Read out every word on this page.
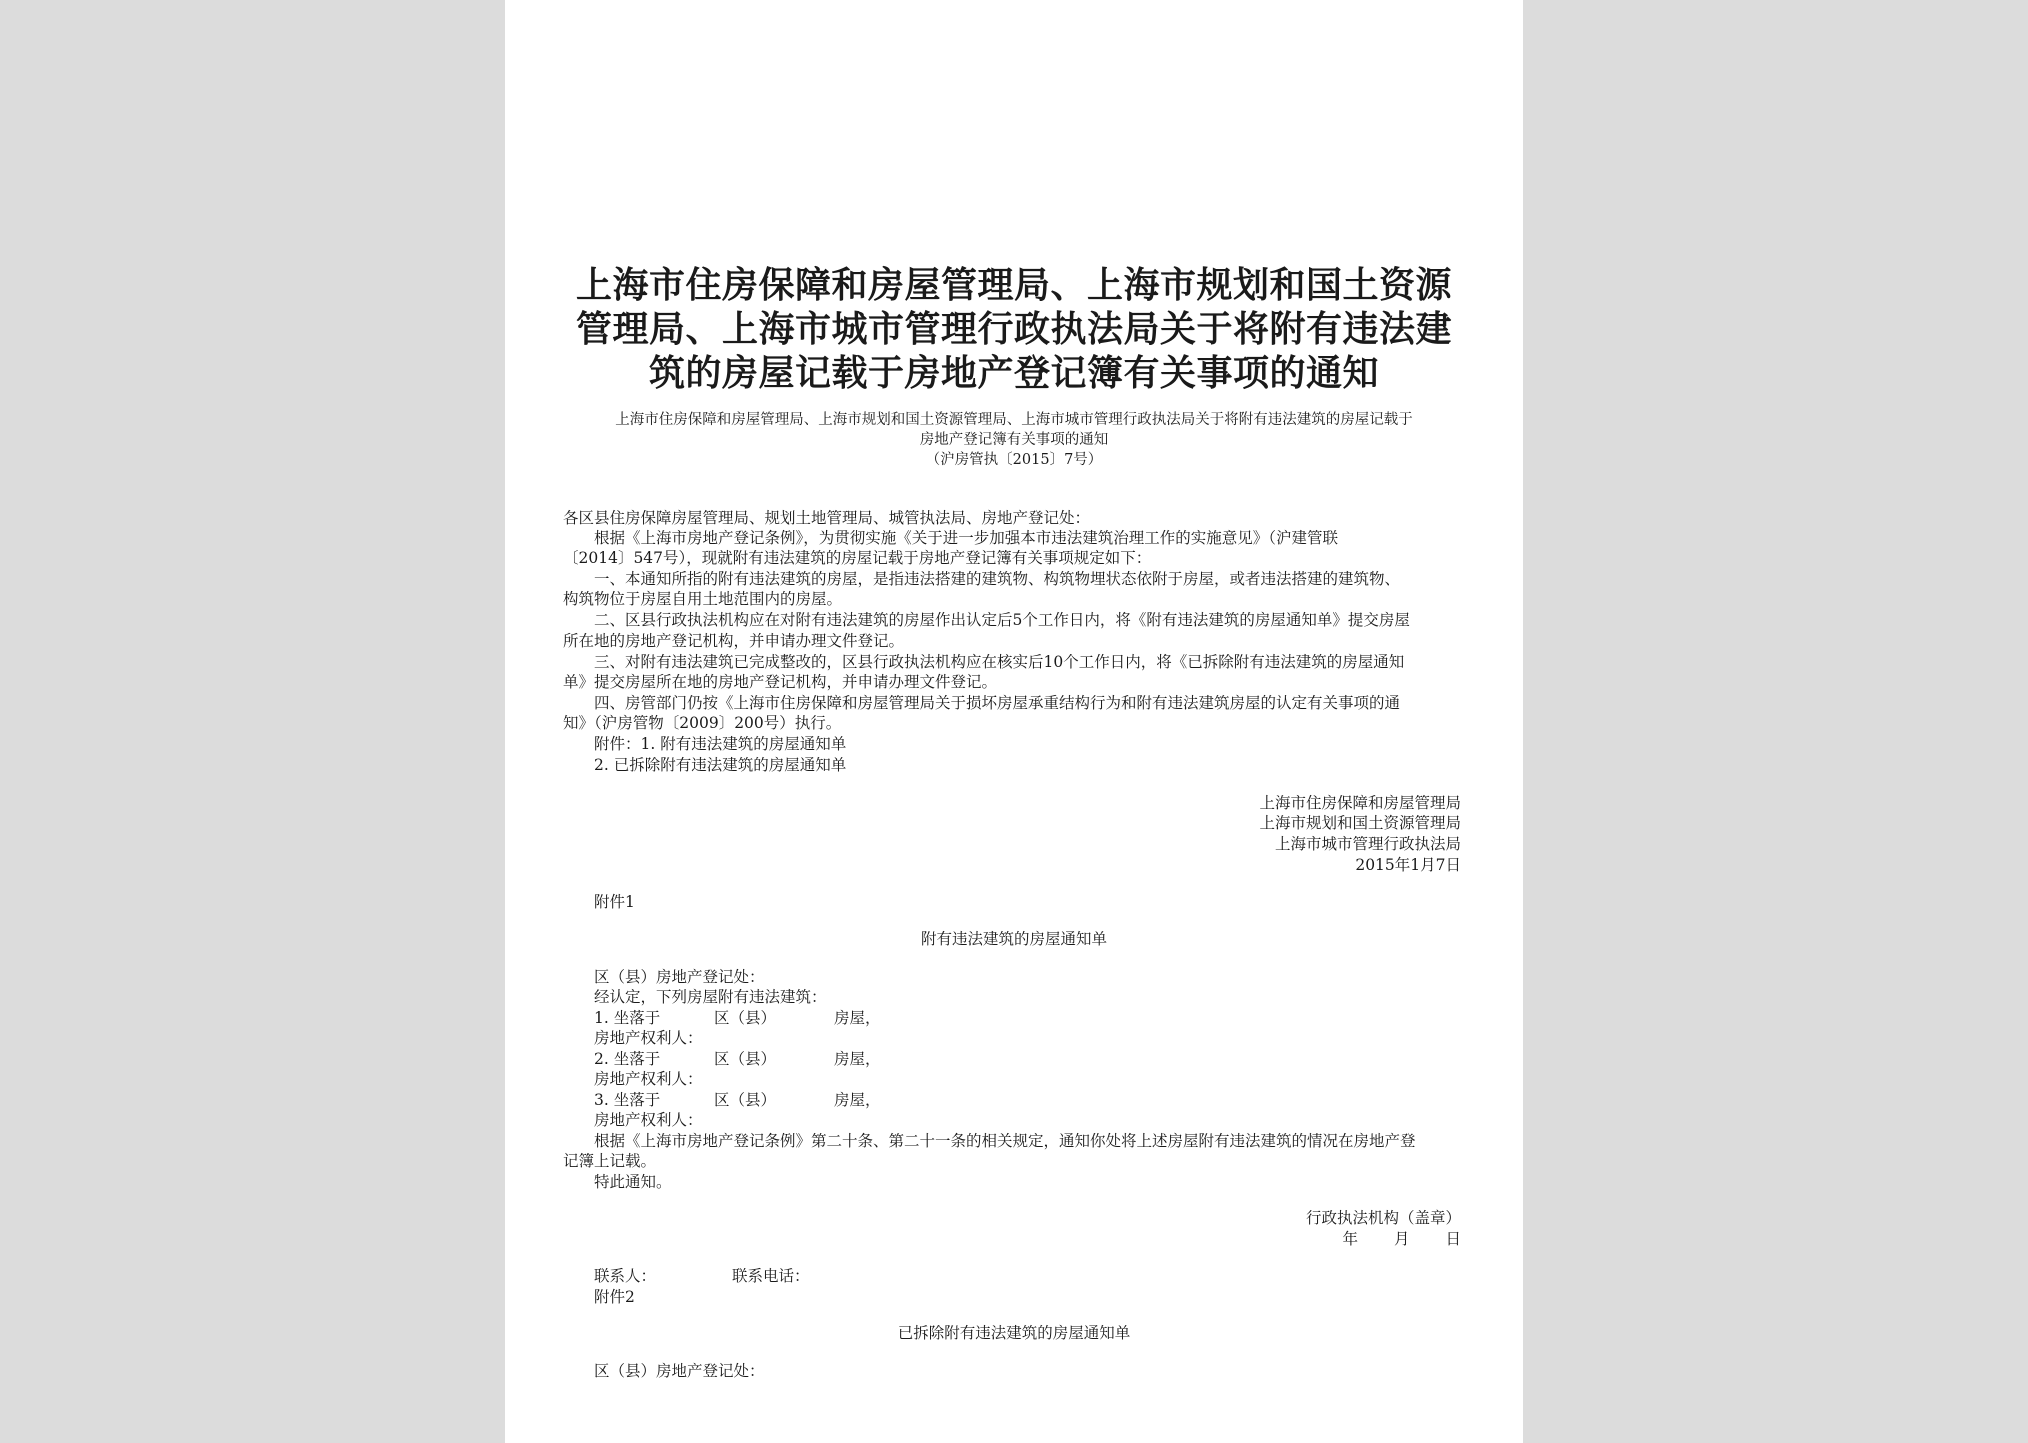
上海市住房保障和房屋管理局、上海市规划和国土资源
管理局、上海市城市管理行政执法局关于将附有违法建
筑的房屋记载于房地产登记簿有关事项的通知

上海市住房保障和房屋管理局、上海市规划和国土资源管理局、上海市城市管理行政执法局关于将附有违法建筑的房屋记载于

房地产登记簿有关事项的通知

（沪房管执〔2015〕7号）

各区县住房保障房屋管理局、规划土地管理局、城管执法局、房地产登记处：

根据《上海市房地产登记条例》，为贯彻实施《关于进一步加强本市违法建筑治理工作的实施意见》（沪建管联

〔2014〕547号），现就附有违法建筑的房屋记载于房地产登记簿有关事项规定如下：

一、本通知所指的附有违法建筑的房屋，是指违法搭建的建筑物、构筑物埋状态依附于房屋，或者违法搭建的建筑物、

构筑物位于房屋自用土地范围内的房屋。

二、区县行政执法机构应在对附有违法建筑的房屋作出认定后5个工作日内，将《附有违法建筑的房屋通知单》提交房屋

所在地的房地产登记机构，并申请办理文件登记。

三、对附有违法建筑已完成整改的，区县行政执法机构应在核实后10个工作日内，将《已拆除附有违法建筑的房屋通知

单》提交房屋所在地的房地产登记机构，并申请办理文件登记。

四、房管部门仍按《上海市住房保障和房屋管理局关于损坏房屋承重结构行为和附有违法建筑房屋的认定有关事项的通

知》（沪房管物〔2009〕200号）执行。

附件：1. 附有违法建筑的房屋通知单

2. 已拆除附有违法建筑的房屋通知单

上海市住房保障和房屋管理局

上海市规划和国土资源管理局

上海市城市管理行政执法局

2015年1月7日

附件1

附有违法建筑的房屋通知单

区（县）房地产登记处：

经认定，下列房屋附有违法建筑：

1. 坐落于	区（县）	房屋，

房地产权利人：

2. 坐落于	区（县）	房屋，

房地产权利人：

3. 坐落于	区（县）	房屋，

房地产权利人：

根据《上海市房地产登记条例》第二十条、第二十一条的相关规定，通知你处将上述房屋附有违法建筑的情况在房地产登

记簿上记载。

特此通知。

行政执法机构（盖章）

年 月 日

联系人：	联系电话：

附件2

已拆除附有违法建筑的房屋通知单

区（县）房地产登记处：
